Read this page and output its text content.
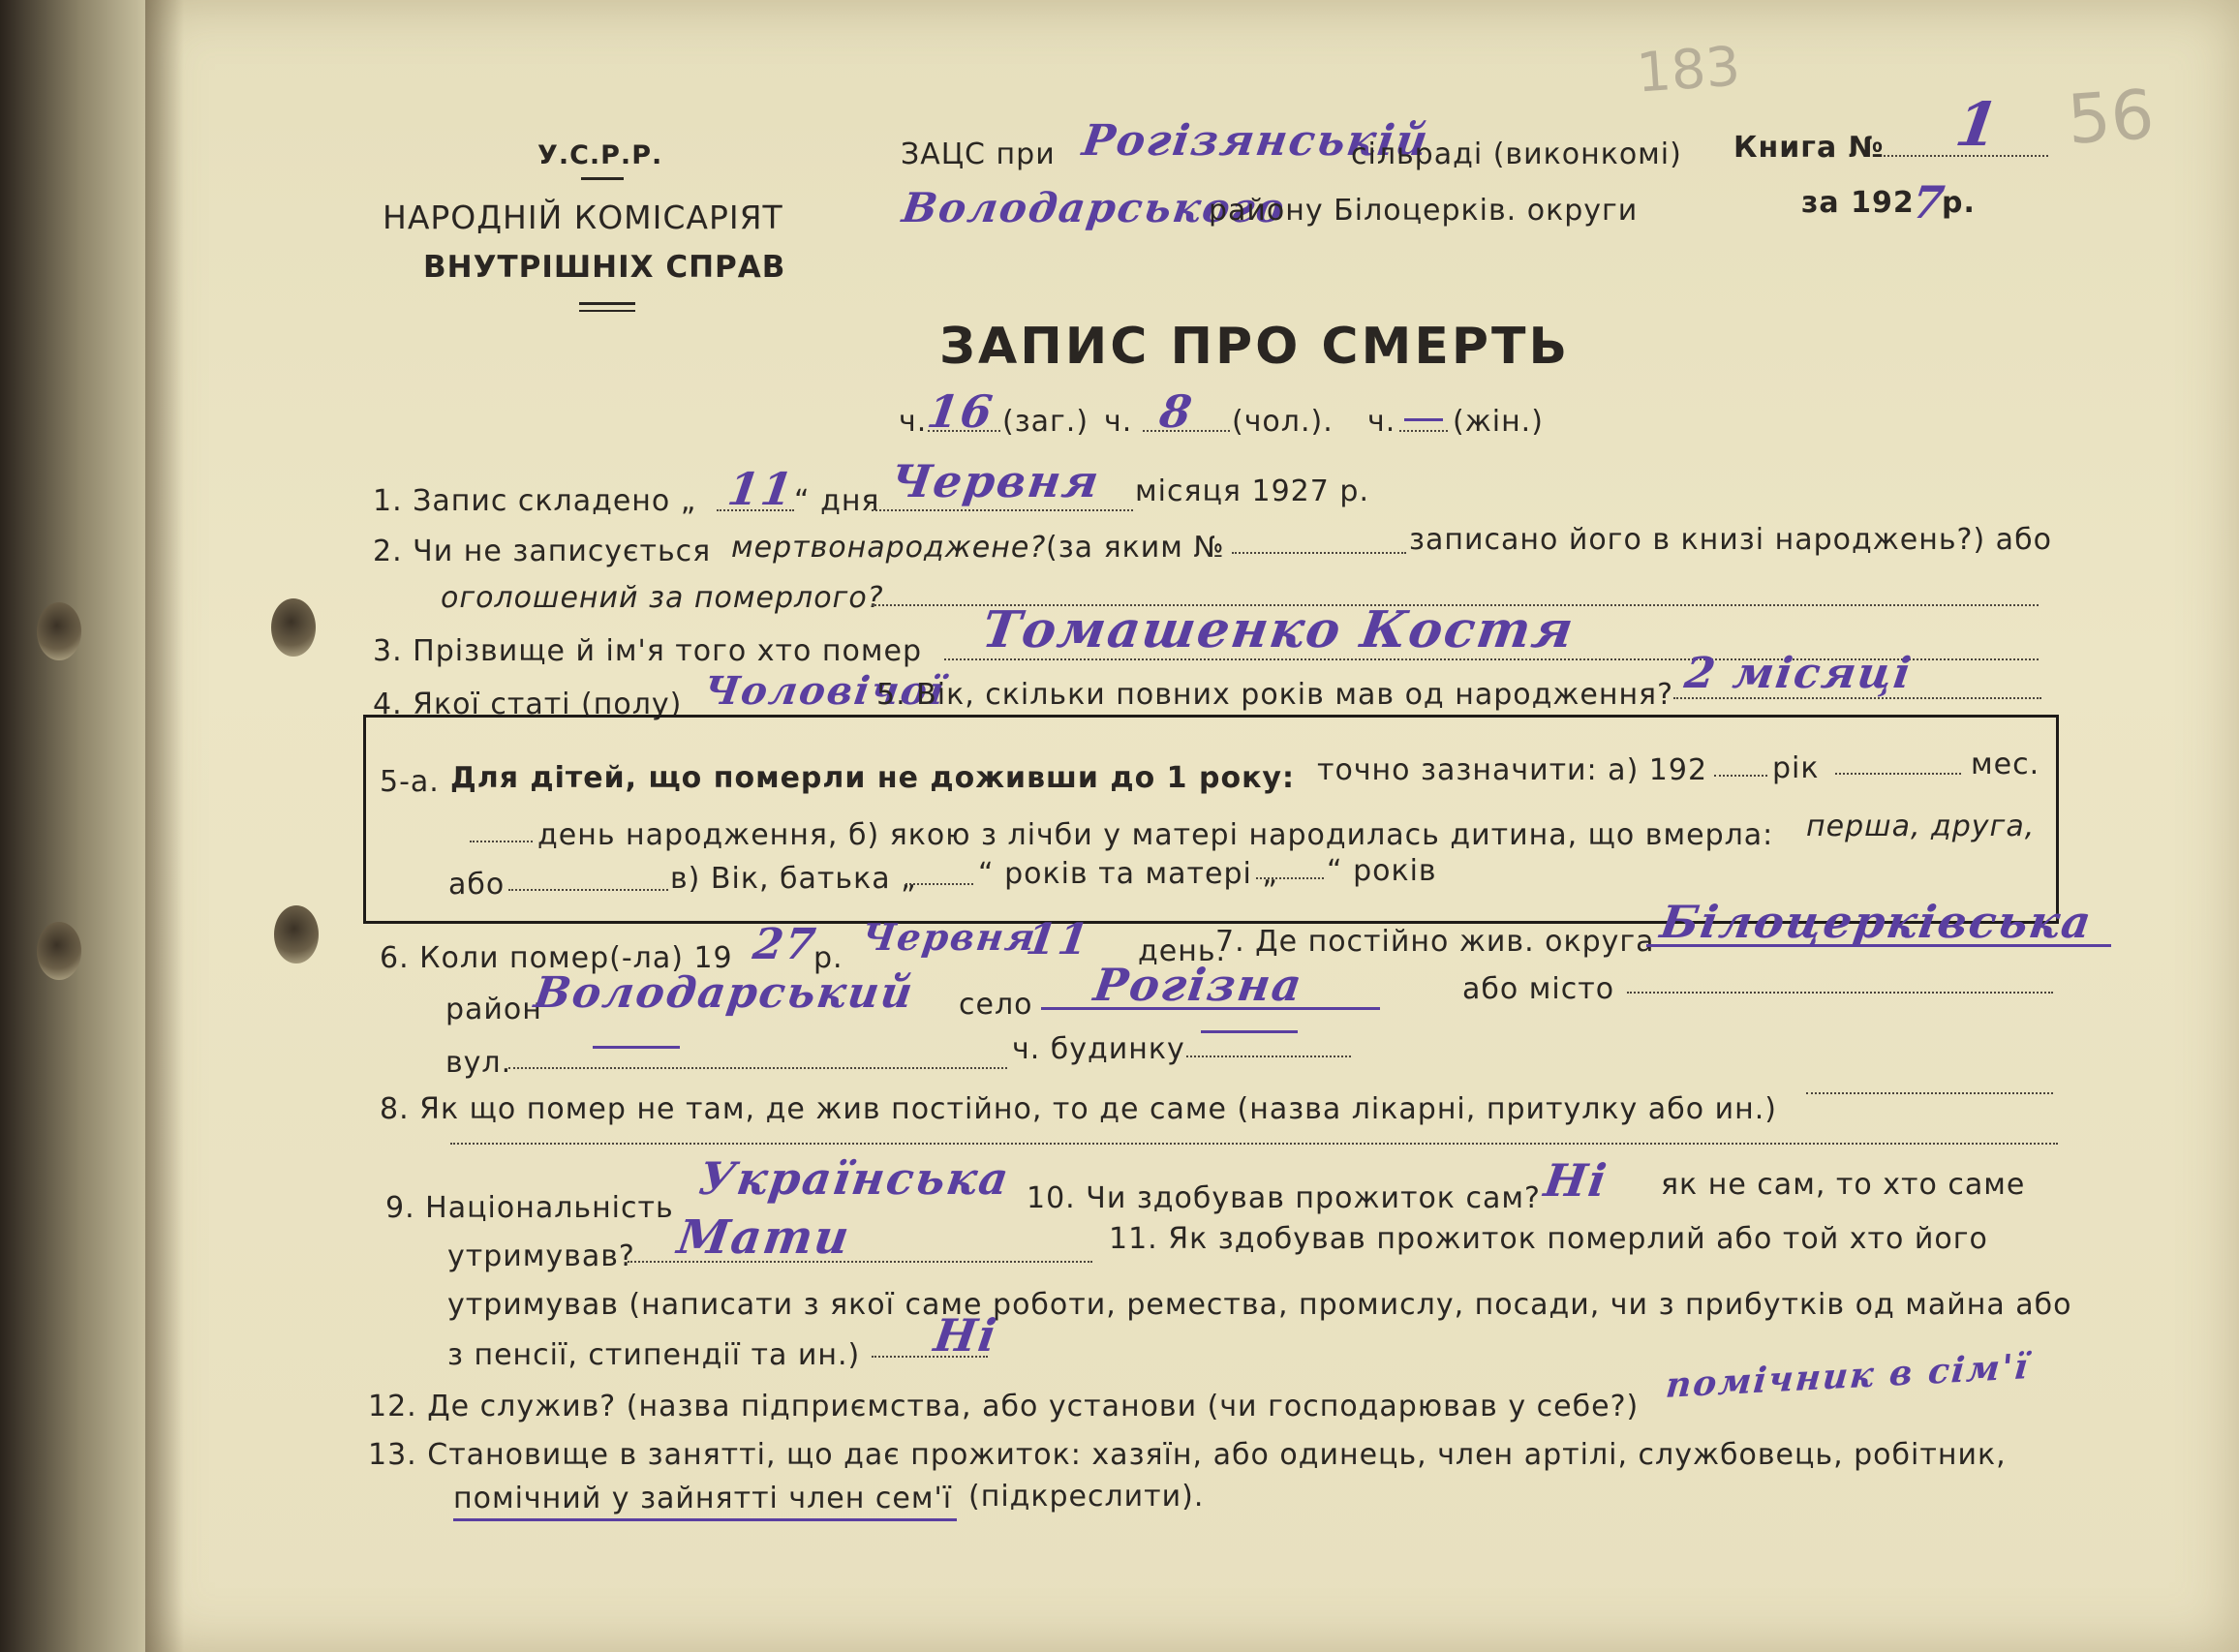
183
56
У.С.Р.Р.
НАРОДНІЙ КОМІСАРІЯТ
ВНУТРІШНІХ СПРАВ
ЗАЦС при Рогізянській
сільраді (виконкомі)
Володарського
району Білоцерків. округи
Книга № 1
за 192
7
р.
ЗАПИС ПРО СМЕРТЬ
ч.
16 (заг.) ч. 8 (чол.). ч. (жін.)
1. Запис складено „ 11
“ дня Червня місяця 1927 р.
2. Чи не записується мертвонароджене? (за яким №	записано його в книзі народжень?) або
оголошений за померлого?
3. Прізвище й ім'я того хто помер Томашенко Костя
4. Якої статі (полу) Чоловічої
5. Вік, скільки повних років мав од народження? 2 місяці
5-а. Для дітей, що померли не доживши до 1 року: точно зазначити: а) 192 рік	мес.
день народження, б) якою з лічби у матері народилась дитина, що вмерла: перша, друга,
або	в) Вік, батька „ “ років та матері „ “ років
6. Коли помер(-ла) 19 27
р. Червня
11 день.
7. Де постійно жив. округа Білоцерківська
район
Володарський село Рогізна	або місто
вул.	ч. будинку
8. Як що помер не там, де жив постійно, то де саме (назва лікарні, притулку або ин.)
9. Національність
Українська 10. Чи здобував прожиток сам? Ні як не сам, то хто саме
утримував? Мати	11. Як здобував прожиток померлий або той хто його
утримував (написати з якої саме роботи, ремества, промислу, посади, чи з прибутків од майна або
з пенсії, стипендії та ин.) Ні
12. Де служив? (назва підприємства, або установи (чи господарював у себе?)
помічник в сім'ї
13. Становище в занятті, що дає прожиток: хазяїн, або одинець, член артілі, службовець, робітник,
помічний у зайнятті член сем'ї (підкреслити).
